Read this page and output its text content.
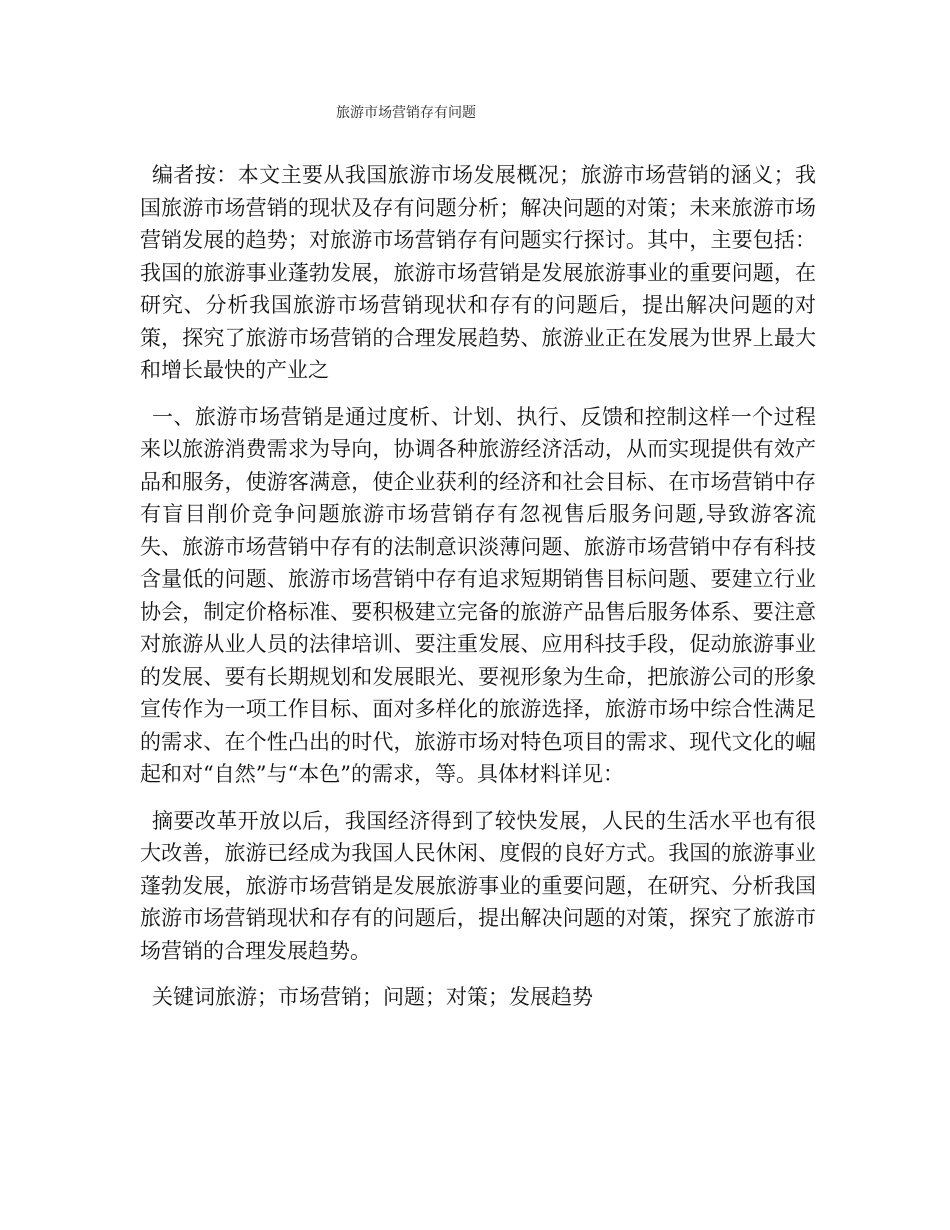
旅游市场营销存有问题

编者按：本文主要从我国旅游市场发展概况；旅游市场营销的涵义；我国旅游市场营销的现状及存有问题分析；解决问题的对策；未来旅游市场营销发展的趋势；对旅游市场营销存有问题实行探讨。其中，主要包括：我国的旅游事业蓬勃发展，旅游市场营销是发展旅游事业的重要问题，在研究、分析我国旅游市场营销现状和存有的问题后，提出解决问题的对策，探究了旅游市场营销的合理发展趋势、旅游业正在发展为世界上最大和增长最快的产业之

一、旅游市场营销是通过度析、计划、执行、反馈和控制这样一个过程来以旅游消费需求为导向，协调各种旅游经济活动，从而实现提供有效产品和服务，使游客满意，使企业获利的经济和社会目标、在市场营销中存有盲目削价竞争问题旅游市场营销存有忽视售后服务问题,导致游客流失、旅游市场营销中存有的法制意识淡薄问题、旅游市场营销中存有科技含量低的问题、旅游市场营销中存有追求短期销售目标问题、要建立行业协会，制定价格标准、要积极建立完备的旅游产品售后服务体系、要注意对旅游从业人员的法律培训、要注重发展、应用科技手段，促动旅游事业的发展、要有长期规划和发展眼光、要视形象为生命，把旅游公司的形象宣传作为一项工作目标、面对多样化的旅游选择，旅游市场中综合性满足的需求、在个性凸出的时代，旅游市场对特色项目的需求、现代文化的崛起和对“自然”与“本色”的需求，等。具体材料详见：

摘要改革开放以后，我国经济得到了较快发展，人民的生活水平也有很大改善，旅游已经成为我国人民休闲、度假的良好方式。我国的旅游事业蓬勃发展，旅游市场营销是发展旅游事业的重要问题，在研究、分析我国旅游市场营销现状和存有的问题后，提出解决问题的对策，探究了旅游市场营销的合理发展趋势。

关键词旅游；市场营销；问题；对策；发展趋势
